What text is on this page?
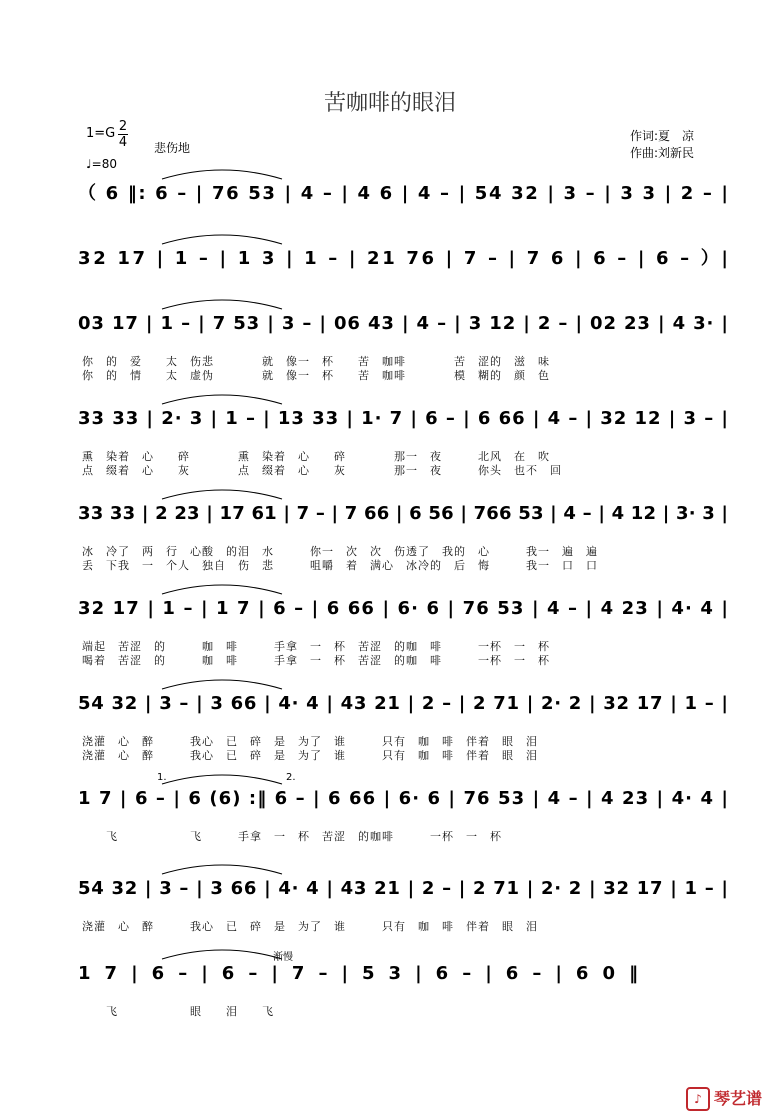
苦咖啡的眼泪
1=G 2
4 悲伤地
♩=80
作词:夏　凉
作曲:刘新民
（ 6 ‖: 6 – | 76 53 | 4 – | 4 6 | 4 – | 54 32 | 3 – | 3 3 | 2 – |
32 17 | 1 – | 1 3 | 1 – | 21 76 | 7 – | 7 6 | 6 – | 6 – ）|
03 17 | 1 – | 7 53 | 3 – | 06 43 | 4 – | 3 12 | 2 – | 02 23 | 4 3· |
你　的　爱　　太　伤悲　　　　就　像一　杯　　苦　咖啡　　　　苦　涩的　滋　味
你　的　情　　太　虚伪　　　　就　像一　杯　　苦　咖啡　　　　模　糊的　颜　色
33 33 | 2· 3 | 1 – | 13 33 | 1· 7 | 6 – | 6 66 | 4 – | 32 12 | 3 – |
熏　染着　心　　碎　　　　熏　染着　心　　碎　　　　那一　夜　　　北风　在　吹
点　缀着　心　　灰　　　　点　缀着　心　　灰　　　　那一　夜　　　你头　也不　回
33 33 | 2 23 | 17 61 | 7 – | 7 66 | 6 56 | 766 53 | 4 – | 4 12 | 3· 3 |
冰　冷了　两　行　心酸　的泪　水　　　你一　次　次　伤透了　我的　心　　　我一　遍　遍
丢　下我　一　个人　独自　伤　悲　　　咀嚼　着　满心　冰冷的　后　悔　　　我一　口　口
32 17 | 1 – | 1 7 | 6 – | 6 66 | 6· 6 | 76 53 | 4 – | 4 23 | 4· 4 |
端起　苦涩　的　　　咖　啡　　　手拿　一　杯　苦涩　的咖　啡　　　一杯　一　杯
喝着　苦涩　的　　　咖　啡　　　手拿　一　杯　苦涩　的咖　啡　　　一杯　一　杯
54 32 | 3 – | 3 66 | 4· 4 | 43 21 | 2 – | 2 71 | 2· 2 | 32 17 | 1 – |
浇灌　心　醉　　　我心　已　碎　是　为了　谁　　　只有　咖　啡　伴着　眼　泪
浇灌　心　醉　　　我心　已　碎　是　为了　谁　　　只有　咖　啡　伴着　眼　泪
1 7 | 6 – | 6 (6) :‖ 6 – | 6 66 | 6· 6 | 76 53 | 4 – | 4 23 | 4· 4 |
　　飞　　　　　　飞　　　手拿　一　杯　苦涩　的咖啡　　　一杯　一　杯
54 32 | 3 – | 3 66 | 4· 4 | 43 21 | 2 – | 2 71 | 2· 2 | 32 17 | 1 – |
浇灌　心　醉　　　我心　已　碎　是　为了　谁　　　只有　咖　啡　伴着　眼　泪
1 7 | 6 – | 6 – | 7 – | 5 3 | 6 – | 6 – | 6 0 ‖
　　飞　　　　　　眼　　泪　　飞
1.	2.
渐慢
♪ 琴艺谱
